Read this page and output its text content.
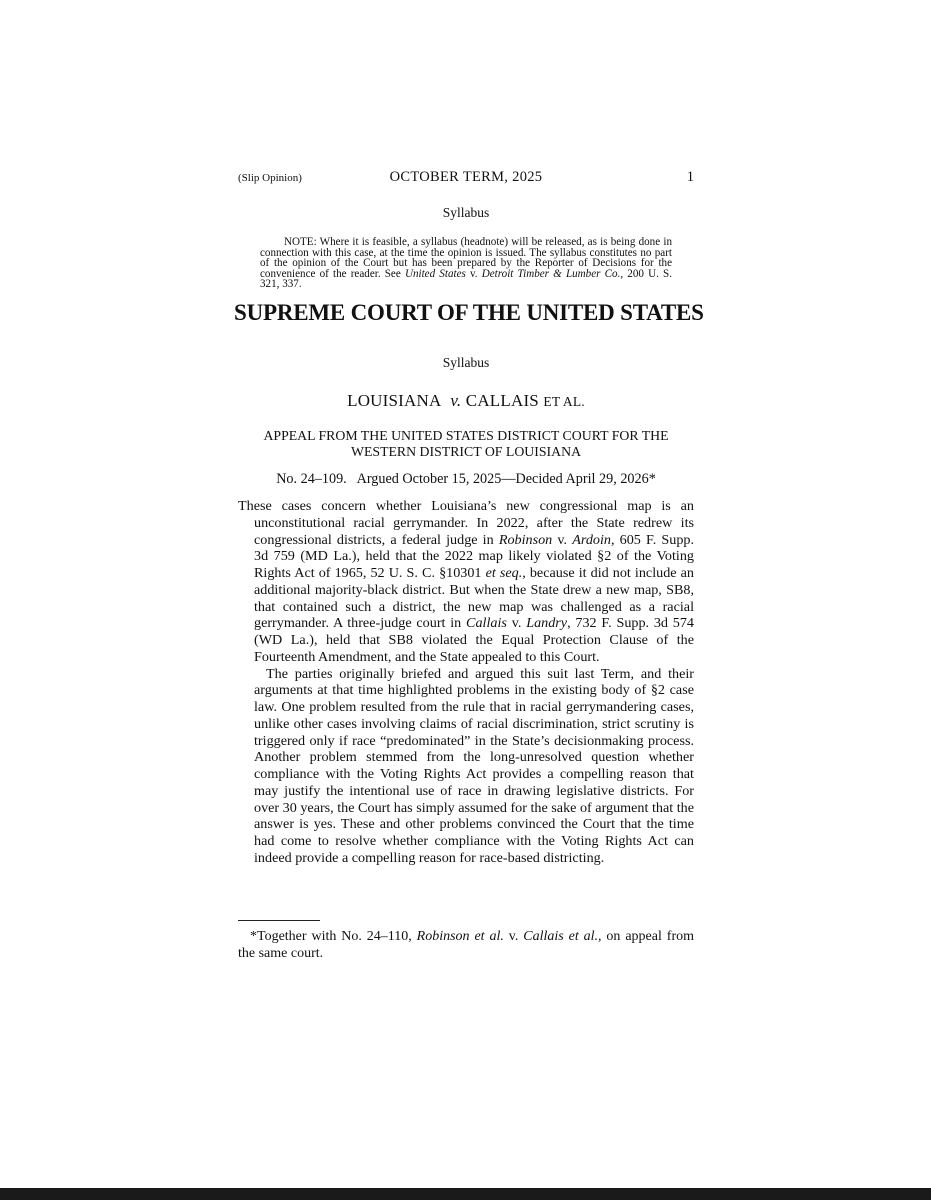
(Slip Opinion)	OCTOBER TERM, 2025	1
Syllabus
NOTE: Where it is feasible, a syllabus (headnote) will be released, as is being done in connection with this case, at the time the opinion is issued. The syllabus constitutes no part of the opinion of the Court but has been prepared by the Reporter of Decisions for the convenience of the reader. See United States v. Detroit Timber & Lumber Co., 200 U. S. 321, 337.
SUPREME COURT OF THE UNITED STATES
Syllabus
LOUISIANA v. CALLAIS ET AL.
APPEAL FROM THE UNITED STATES DISTRICT COURT FOR THE
WESTERN DISTRICT OF LOUISIANA
No. 24–109.   Argued October 15, 2025—Decided April 29, 2026*

These cases concern whether Louisiana’s new congressional map is an unconstitutional racial gerrymander. In 2022, after the State redrew its congressional districts, a federal judge in Robinson v. Ardoin, 605 F. Supp. 3d 759 (MD La.), held that the 2022 map likely violated §2 of the Voting Rights Act of 1965, 52 U. S. C. §10301 et seq., because it did not include an additional majority-black district. But when the State drew a new map, SB8, that contained such a district, the new map was challenged as a racial gerrymander. A three-judge court in Callais v. Landry, 732 F. Supp. 3d 574 (WD La.), held that SB8 violated the Equal Protection Clause of the Fourteenth Amendment, and the State appealed to this Court.

The parties originally briefed and argued this suit last Term, and their arguments at that time highlighted problems in the existing body of §2 case law. One problem resulted from the rule that in racial gerrymandering cases, unlike other cases involving claims of racial discrimination, strict scrutiny is triggered only if race “predominated” in the State’s decisionmaking process. Another problem stemmed from the long-unresolved question whether compliance with the Voting Rights Act provides a compelling reason that may justify the intentional use of race in drawing legislative districts. For over 30 years, the Court has simply assumed for the sake of argument that the answer is yes. These and other problems convinced the Court that the time had come to resolve whether compliance with the Voting Rights Act can indeed provide a compelling reason for race-based districting.

*Together with No. 24–110, Robinson et al. v. Callais et al., on appeal from the same court.
